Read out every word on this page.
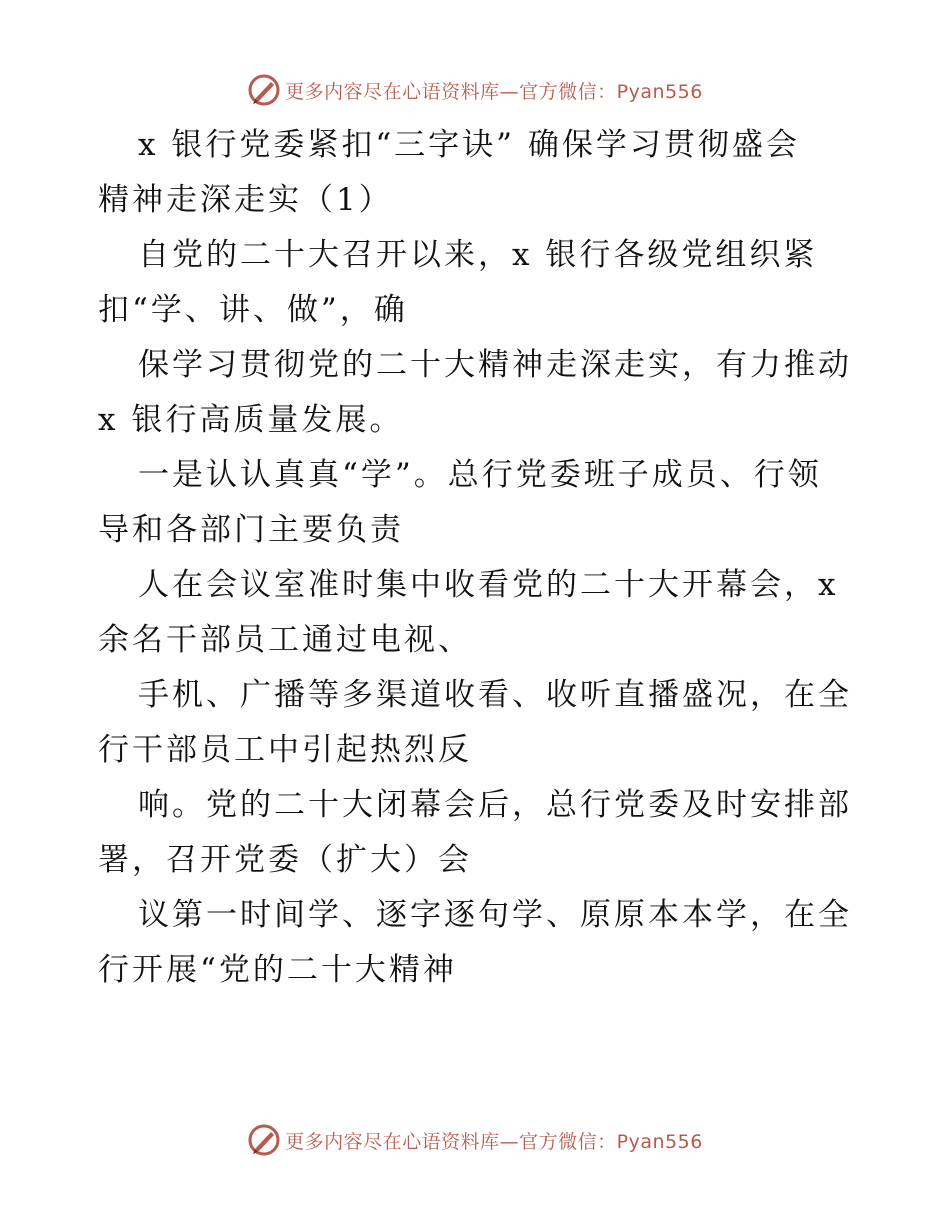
更多内容尽在心语资料库—官方微信：Pyan556
x 银行党委紧扣“三字诀” 确保学习贯彻盛会
精神走深走实（1）
自党的二十大召开以来，x 银行各级党组织紧
扣“学、讲、做”，确
保学习贯彻党的二十大精神走深走实，有力推动
x 银行高质量发展。
一是认认真真“学”。总行党委班子成员、行领
导和各部门主要负责
人在会议室准时集中收看党的二十大开幕会，x
余名干部员工通过电视、
手机、广播等多渠道收看、收听直播盛况，在全
行干部员工中引起热烈反
响。党的二十大闭幕会后，总行党委及时安排部
署，召开党委（扩大）会
议第一时间学、逐字逐句学、原原本本学，在全
行开展“党的二十大精神
更多内容尽在心语资料库—官方微信：Pyan556
